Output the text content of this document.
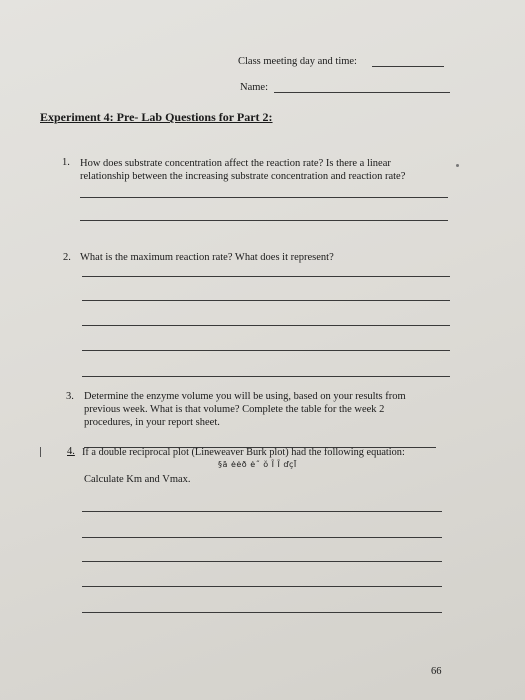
Class meeting day and time:
Name:
Experiment 4: Pre- Lab Questions for Part 2:
1. How does substrate concentration affect the reaction rate? Is there a linear
relationship between the increasing substrate concentration and reaction rate?
2. What is the maximum reaction rate? What does it represent?
3. Determine the enzyme volume you will be using, based on your results from
previous week. What is that volume? Complete the table for the week 2
procedures, in your report sheet.
4. If a double reciprocal plot (Lineweaver Burk plot) had the following equation:
§ă ėėð ė˝ ŏ Ĩ Ĩ ďçĪ
Calculate Km and Vmax.
66
